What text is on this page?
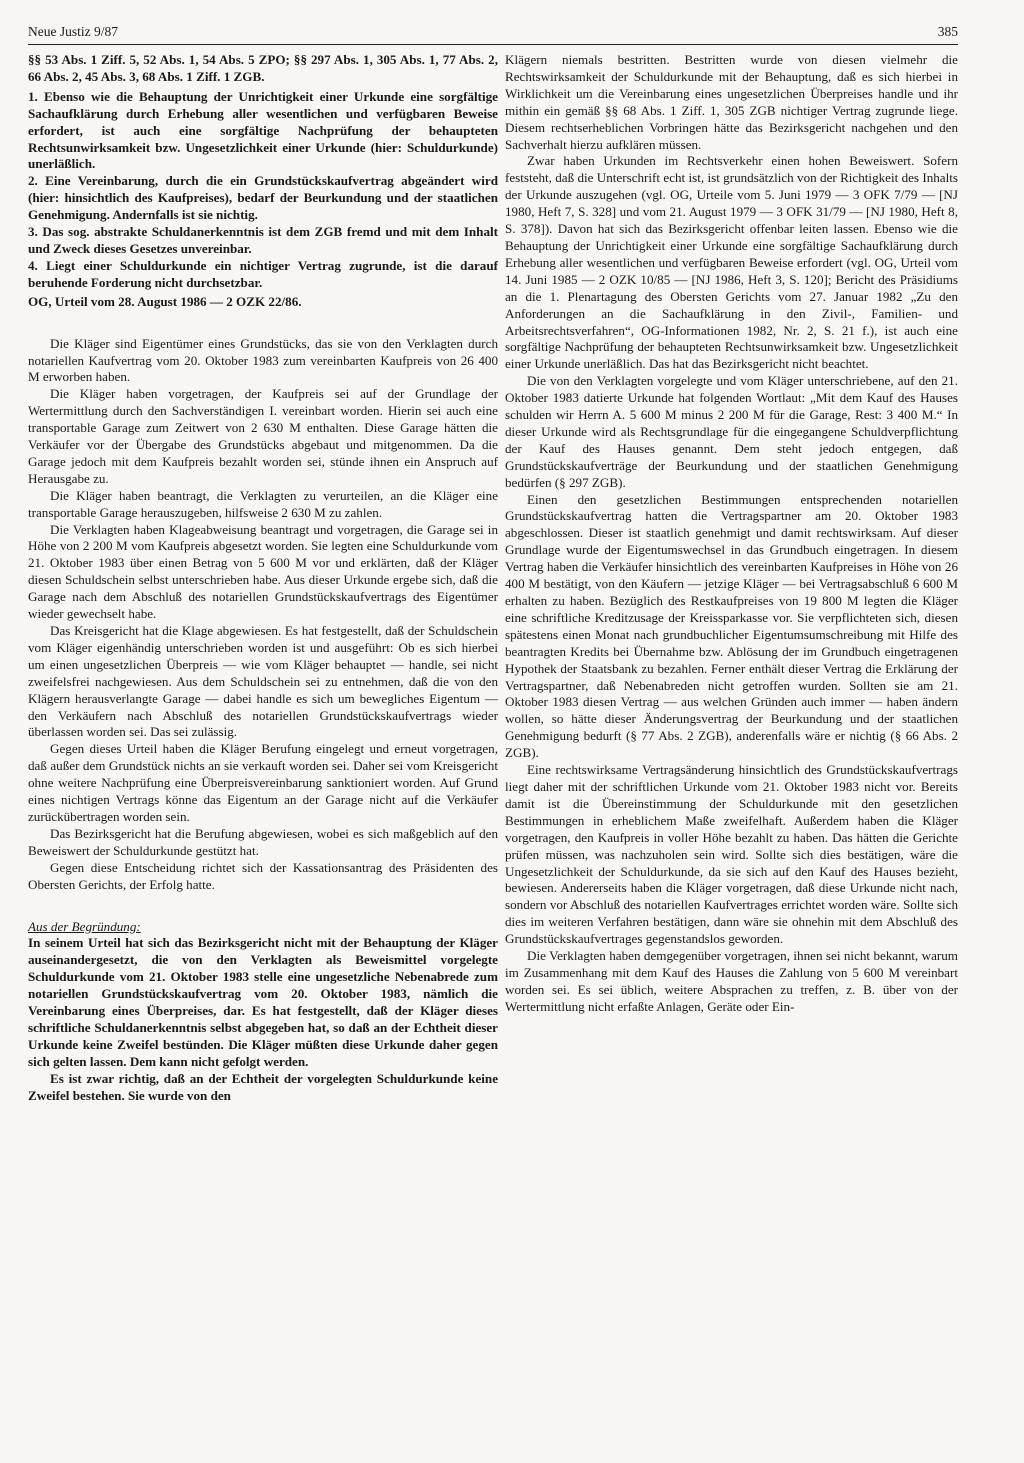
Neue Justiz 9/87	385

§§ 53 Abs. 1 Ziff. 5, 52 Abs. 1, 54 Abs. 5 ZPO; §§ 297 Abs. 1, 305 Abs. 1, 77 Abs. 2, 66 Abs. 2, 45 Abs. 3, 68 Abs. 1 Ziff. 1 ZGB.

1. Ebenso wie die Behauptung der Unrichtigkeit einer Urkunde eine sorgfältige Sachaufklärung durch Erhebung aller wesentlichen und verfügbaren Beweise erfordert, ist auch eine sorgfältige Nachprüfung der behaupteten Rechtsunwirksamkeit bzw. Ungesetzlichkeit einer Urkunde (hier: Schuldurkunde) unerläßlich.

2. Eine Vereinbarung, durch die ein Grundstückskaufvertrag abgeändert wird (hier: hinsichtlich des Kaufpreises), bedarf der Beurkundung und der staatlichen Genehmigung. Andernfalls ist sie nichtig.

3. Das sog. abstrakte Schuldanerkenntnis ist dem ZGB fremd und mit dem Inhalt und Zweck dieses Gesetzes unvereinbar.

4. Liegt einer Schuldurkunde ein nichtiger Vertrag zugrunde, ist die darauf beruhende Forderung nicht durchsetzbar.

OG, Urteil vom 28. August 1986 — 2 OZK 22/86.

Die Kläger sind Eigentümer eines Grundstücks, das sie von den Verklagten durch notariellen Kaufvertrag vom 20. Oktober 1983 zum vereinbarten Kaufpreis von 26 400 M erworben haben.

Die Kläger haben vorgetragen, der Kaufpreis sei auf der Grundlage der Wertermittlung durch den Sachverständigen I. vereinbart worden. Hierin sei auch eine transportable Garage zum Zeitwert von 2 630 M enthalten. Diese Garage hätten die Verkäufer vor der Übergabe des Grundstücks abgebaut und mitgenommen. Da die Garage jedoch mit dem Kaufpreis bezahlt worden sei, stünde ihnen ein Anspruch auf Herausgabe zu.

Die Kläger haben beantragt, die Verklagten zu verurteilen, an die Kläger eine transportable Garage herauszugeben, hilfsweise 2 630 M zu zahlen.

Die Verklagten haben Klageabweisung beantragt und vorgetragen, die Garage sei in Höhe von 2 200 M vom Kaufpreis abgesetzt worden. Sie legten eine Schuldurkunde vom 21. Oktober 1983 über einen Betrag von 5 600 M vor und erklärten, daß der Kläger diesen Schuldschein selbst unterschrieben habe. Aus dieser Urkunde ergebe sich, daß die Garage nach dem Abschluß des notariellen Grundstückskaufvertrags des Eigentümer wieder gewechselt habe.

Das Kreisgericht hat die Klage abgewiesen. Es hat festgestellt, daß der Schuldschein vom Kläger eigenhändig unterschrieben worden ist und ausgeführt: Ob es sich hierbei um einen ungesetzlichen Überpreis — wie vom Kläger behauptet — handle, sei nicht zweifelsfrei nachgewiesen. Aus dem Schuldschein sei zu entnehmen, daß die von den Klägern herausverlangte Garage — dabei handle es sich um bewegliches Eigentum — den Verkäufern nach Abschluß des notariellen Grundstückskaufvertrags wieder überlassen worden sei. Das sei zulässig.

Gegen dieses Urteil haben die Kläger Berufung eingelegt und erneut vorgetragen, daß außer dem Grundstück nichts an sie verkauft worden sei. Daher sei vom Kreisgericht ohne weitere Nachprüfung eine Überpreisvereinbarung sanktioniert worden. Auf Grund eines nichtigen Vertrags könne das Eigentum an der Garage nicht auf die Verkäufer zurückübertragen worden sein.

Das Bezirksgericht hat die Berufung abgewiesen, wobei es sich maßgeblich auf den Beweiswert der Schuldurkunde gestützt hat.

Gegen diese Entscheidung richtet sich der Kassationsantrag des Präsidenten des Obersten Gerichts, der Erfolg hatte.

Aus der Begründung:

In seinem Urteil hat sich das Bezirksgericht nicht mit der Behauptung der Kläger auseinandergesetzt, die von den Verklagten als Beweismittel vorgelegte Schuldurkunde vom 21. Oktober 1983 stelle eine ungesetzliche Nebenabrede zum notariellen Grundstückskaufvertrag vom 20. Oktober 1983, nämlich die Vereinbarung eines Überpreises, dar. Es hat festgestellt, daß der Kläger dieses schriftliche Schuldanerkenntnis selbst abgegeben hat, so daß an der Echtheit dieser Urkunde keine Zweifel bestünden. Die Kläger müßten diese Urkunde daher gegen sich gelten lassen. Dem kann nicht gefolgt werden.

Es ist zwar richtig, daß an der Echtheit der vorgelegten Schuldurkunde keine Zweifel bestehen. Sie wurde von den

Klägern niemals bestritten. Bestritten wurde von diesen vielmehr die Rechtswirksamkeit der Schuldurkunde mit der Behauptung, daß es sich hierbei in Wirklichkeit um die Vereinbarung eines ungesetzlichen Überpreises handle und ihr mithin ein gemäß §§ 68 Abs. 1 Ziff. 1, 305 ZGB nichtiger Vertrag zugrunde liege. Diesem rechtserheblichen Vorbringen hätte das Bezirksgericht nachgehen und den Sachverhalt hierzu aufklären müssen.

Zwar haben Urkunden im Rechtsverkehr einen hohen Beweiswert. Sofern feststeht, daß die Unterschrift echt ist, ist grundsätzlich von der Richtigkeit des Inhalts der Urkunde auszugehen (vgl. OG, Urteile vom 5. Juni 1979 — 3 OFK 7/79 — [NJ 1980, Heft 7, S. 328] und vom 21. August 1979 — 3 OFK 31/79 — [NJ 1980, Heft 8, S. 378]). Davon hat sich das Bezirksgericht offenbar leiten lassen. Ebenso wie die Behauptung der Unrichtigkeit einer Urkunde eine sorgfältige Sachaufklärung durch Erhebung aller wesentlichen und verfügbaren Beweise erfordert (vgl. OG, Urteil vom 14. Juni 1985 — 2 OZK 10/85 — [NJ 1986, Heft 3, S. 120]; Bericht des Präsidiums an die 1. Plenartagung des Obersten Gerichts vom 27. Januar 1982 „Zu den Anforderungen an die Sachaufklärung in den Zivil-, Familien- und Arbeitsrechtsverfahren“, OG-Informationen 1982, Nr. 2, S. 21 f.), ist auch eine sorgfältige Nachprüfung der behaupteten Rechtsunwirksamkeit bzw. Ungesetzlichkeit einer Urkunde unerläßlich. Das hat das Bezirksgericht nicht beachtet.

Die von den Verklagten vorgelegte und vom Kläger unterschriebene, auf den 21. Oktober 1983 datierte Urkunde hat folgenden Wortlaut: „Mit dem Kauf des Hauses schulden wir Herrn A. 5 600 M minus 2 200 M für die Garage, Rest: 3 400 M.“ In dieser Urkunde wird als Rechtsgrundlage für die eingegangene Schuldverpflichtung der Kauf des Hauses genannt. Dem steht jedoch entgegen, daß Grundstückskaufverträge der Beurkundung und der staatlichen Genehmigung bedürfen (§ 297 ZGB).

Einen den gesetzlichen Bestimmungen entsprechenden notariellen Grundstückskaufvertrag hatten die Vertragspartner am 20. Oktober 1983 abgeschlossen. Dieser ist staatlich genehmigt und damit rechtswirksam. Auf dieser Grundlage wurde der Eigentumswechsel in das Grundbuch eingetragen. In diesem Vertrag haben die Verkäufer hinsichtlich des vereinbarten Kaufpreises in Höhe von 26 400 M bestätigt, von den Käufern — jetzige Kläger — bei Vertragsabschluß 6 600 M erhalten zu haben. Bezüglich des Restkaufpreises von 19 800 M legten die Kläger eine schriftliche Kreditzusage der Kreissparkasse vor. Sie verpflichteten sich, diesen spätestens einen Monat nach grundbuchlicher Eigentumsumschreibung mit Hilfe des beantragten Kredits bei Übernahme bzw. Ablösung der im Grundbuch eingetragenen Hypothek der Staatsbank zu bezahlen. Ferner enthält dieser Vertrag die Erklärung der Vertragspartner, daß Nebenabreden nicht getroffen wurden. Sollten sie am 21. Oktober 1983 diesen Vertrag — aus welchen Gründen auch immer — haben ändern wollen, so hätte dieser Änderungsvertrag der Beurkundung und der staatlichen Genehmigung bedurft (§ 77 Abs. 2 ZGB), anderenfalls wäre er nichtig (§ 66 Abs. 2 ZGB).

Eine rechtswirksame Vertragsänderung hinsichtlich des Grundstückskaufvertrags liegt daher mit der schriftlichen Urkunde vom 21. Oktober 1983 nicht vor. Bereits damit ist die Übereinstimmung der Schuldurkunde mit den gesetzlichen Bestimmungen in erheblichem Maße zweifelhaft. Außerdem haben die Kläger vorgetragen, den Kaufpreis in voller Höhe bezahlt zu haben. Das hätten die Gerichte prüfen müssen, was nachzuholen sein wird. Sollte sich dies bestätigen, wäre die Ungesetzlichkeit der Schuldurkunde, da sie sich auf den Kauf des Hauses bezieht, bewiesen. Andererseits haben die Kläger vorgetragen, daß diese Urkunde nicht nach, sondern vor Abschluß des notariellen Kaufvertrages errichtet worden wäre. Sollte sich dies im weiteren Verfahren bestätigen, dann wäre sie ohnehin mit dem Abschluß des Grundstückskaufvertrages gegenstandslos geworden.

Die Verklagten haben demgegenüber vorgetragen, ihnen sei nicht bekannt, warum im Zusammenhang mit dem Kauf des Hauses die Zahlung von 5 600 M vereinbart worden sei. Es sei üblich, weitere Absprachen zu treffen, z. B. über von der Wertermittlung nicht erfaßte Anlagen, Geräte oder Ein-
